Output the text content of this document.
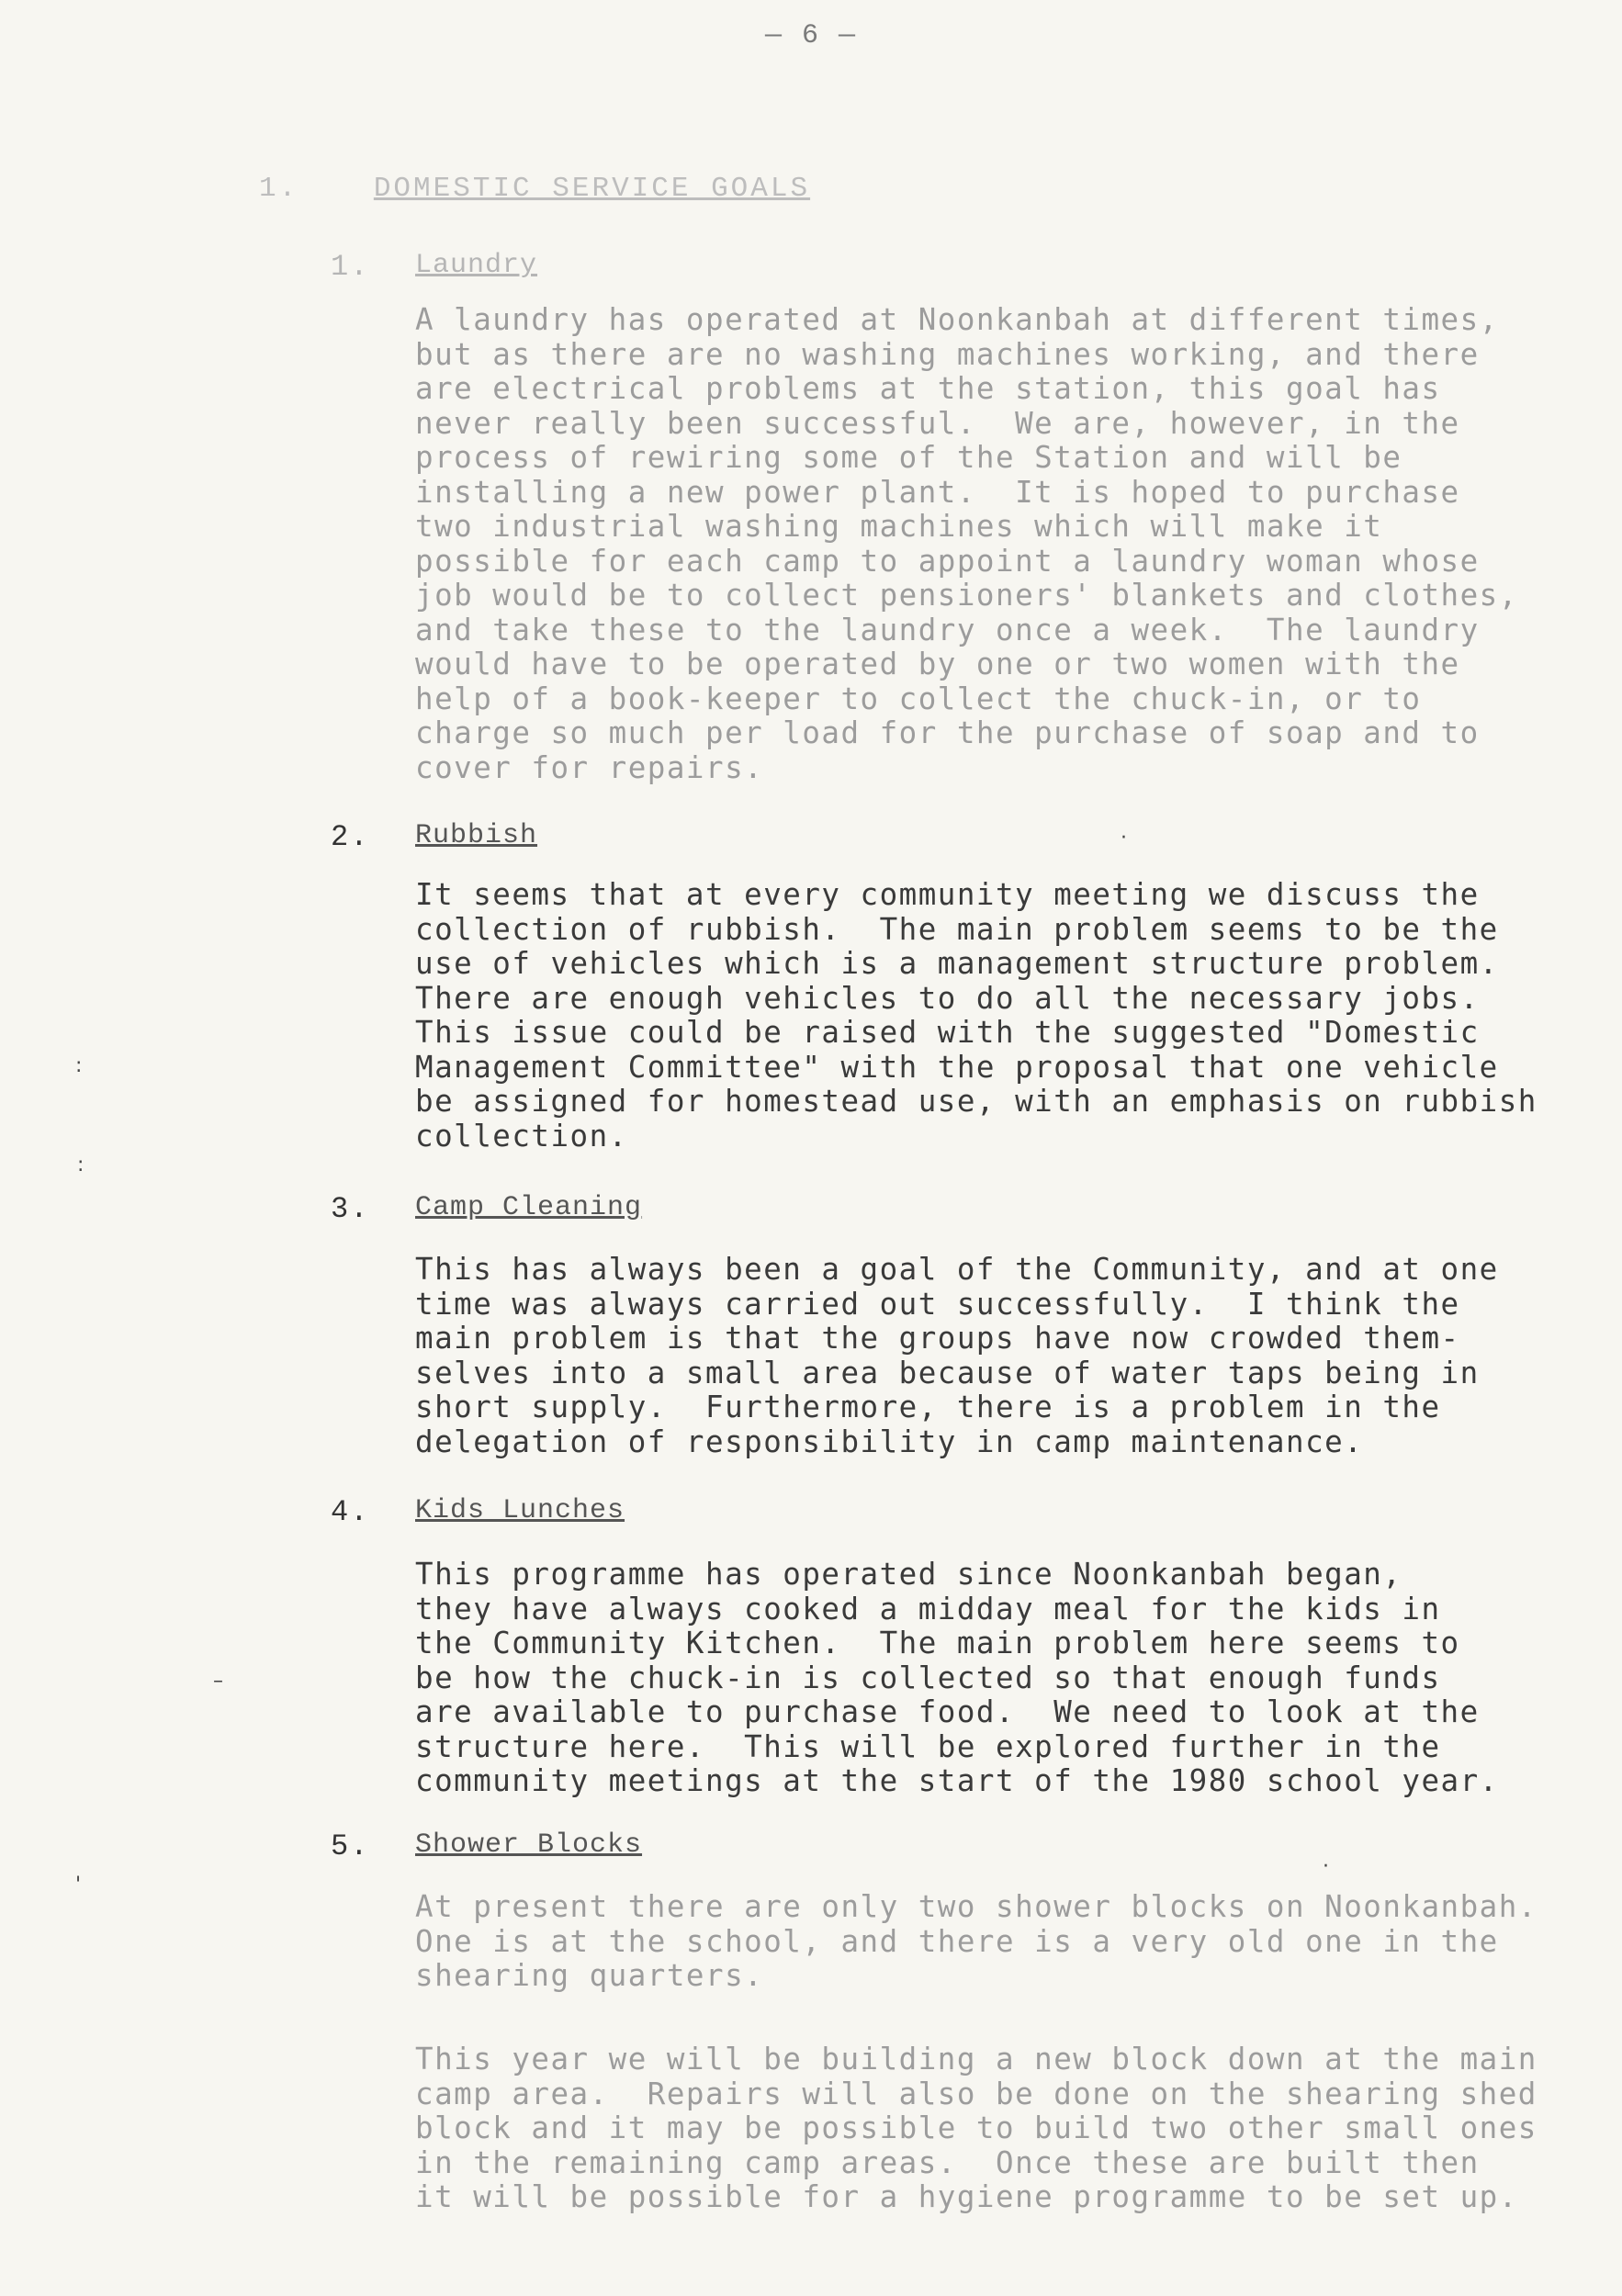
— 6 —
1.	DOMESTIC SERVICE GOALS
1. Laundry
A laundry has operated at Noonkanbah at different times,
but as there are no washing machines working, and there
are electrical problems at the station, this goal has
never really been successful.  We are, however, in the
process of rewiring some of the Station and will be
installing a new power plant.  It is hoped to purchase
two industrial washing machines which will make it
possible for each camp to appoint a laundry woman whose
job would be to collect pensioners' blankets and clothes,
and take these to the laundry once a week.  The laundry
would have to be operated by one or two women with the
help of a book-keeper to collect the chuck-in, or to
charge so much per load for the purchase of soap and to
cover for repairs.
2. Rubbish
It seems that at every community meeting we discuss the
collection of rubbish.  The main problem seems to be the
use of vehicles which is a management structure problem.
There are enough vehicles to do all the necessary jobs.
This issue could be raised with the suggested "Domestic
Management Committee" with the proposal that one vehicle
be assigned for homestead use, with an emphasis on rubbish
collection.
3. Camp Cleaning
This has always been a goal of the Community, and at one
time was always carried out successfully.  I think the
main problem is that the groups have now crowded them-
selves into a small area because of water taps being in
short supply.  Furthermore, there is a problem in the
delegation of responsibility in camp maintenance.
4. Kids Lunches
This programme has operated since Noonkanbah began,
they have always cooked a midday meal for the kids in
the Community Kitchen.  The main problem here seems to
be how the chuck-in is collected so that enough funds
are available to purchase food.  We need to look at the
structure here.  This will be explored further in the
community meetings at the start of the 1980 school year.
5. Shower Blocks
At present there are only two shower blocks on Noonkanbah.
One is at the school, and there is a very old one in the
shearing quarters.
This year we will be building a new block down at the main
camp area.  Repairs will also be done on the shearing shed
block and it may be possible to build two other small ones
in the remaining camp areas.  Once these are built then
it will be possible for a hygiene programme to be set up.
:
:
–
'
·
·
